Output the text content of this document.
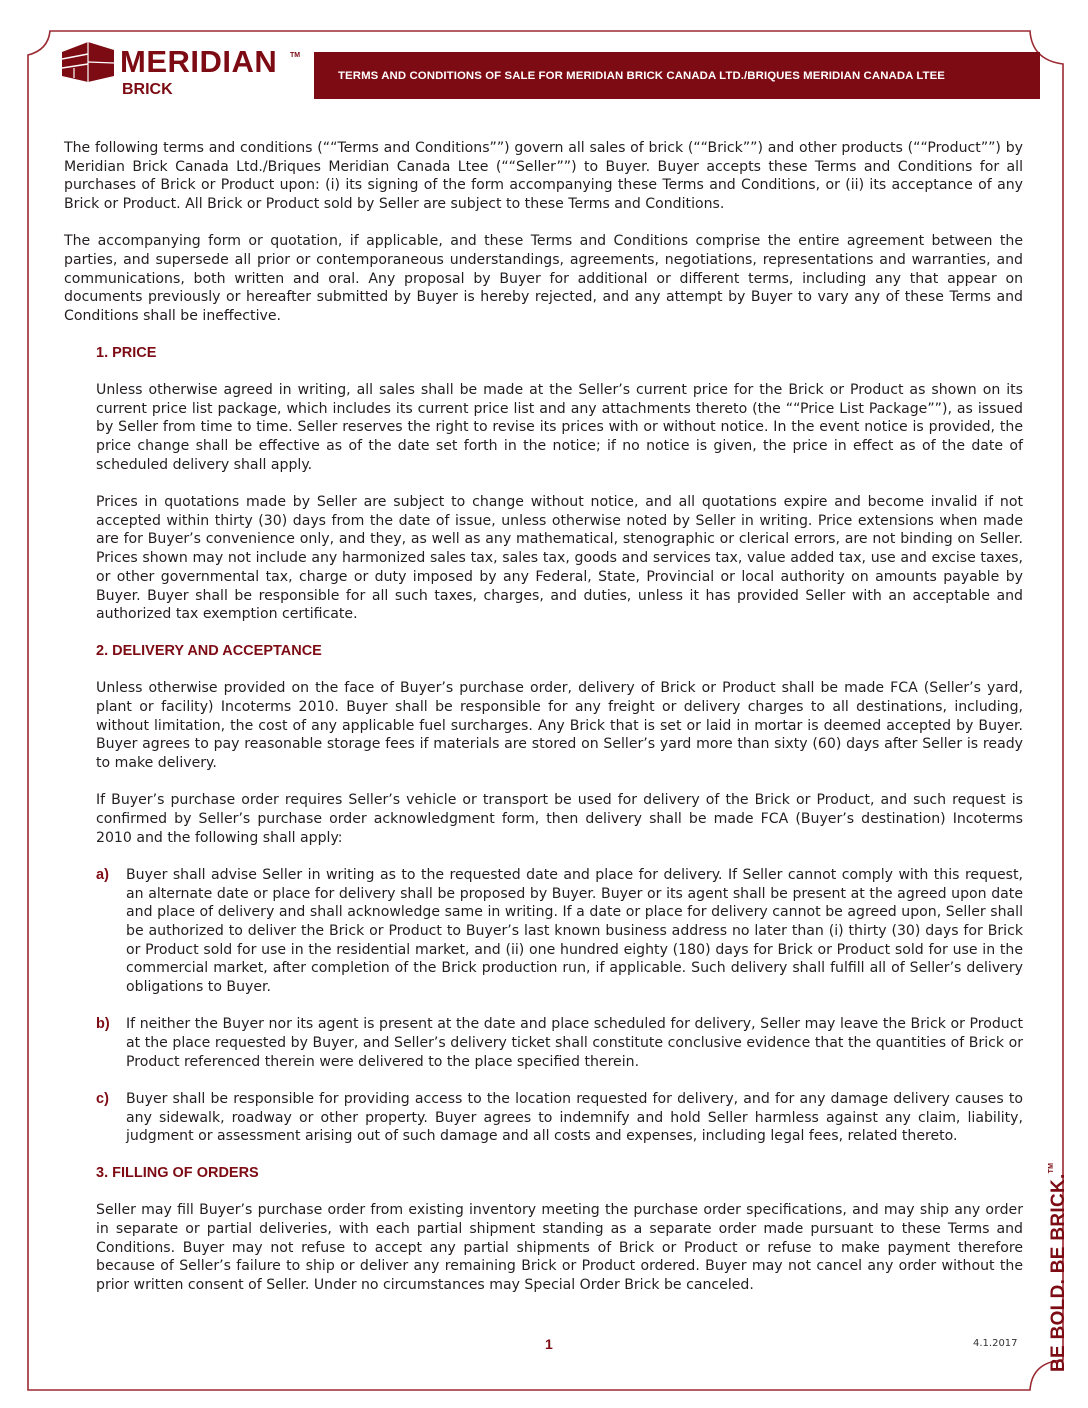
MERIDIAN TM
BRICK
TERMS AND CONDITIONS OF SALE FOR MERIDIAN BRICK CANADA LTD./BRIQUES MERIDIAN CANADA LTEE

The following terms and conditions (““Terms and Conditions””) govern all sales of brick (““Brick””) and other products (““Product””) by Meridian Brick Canada Ltd./Briques Meridian Canada Ltee (““Seller””) to Buyer. Buyer accepts these Terms and Conditions for all purchases of Brick or Product upon: (i) its signing of the form accompanying these Terms and Conditions, or (ii) its acceptance of any Brick or Product. All Brick or Product sold by Seller are subject to these Terms and Conditions.

The accompanying form or quotation, if applicable, and these Terms and Conditions comprise the entire agreement between the parties, and supersede all prior or contemporaneous understandings, agreements, negotiations, representations and warranties, and communications, both written and oral. Any proposal by Buyer for additional or different terms, including any that appear on documents previously or hereafter submitted by Buyer is hereby rejected, and any attempt by Buyer to vary any of these Terms and Conditions shall be ineffective.

1. PRICE

Unless otherwise agreed in writing, all sales shall be made at the Seller’s current price for the Brick or Product as shown on its current price list package, which includes its current price list and any attachments thereto (the ““Price List Package””), as issued by Seller from time to time. Seller reserves the right to revise its prices with or without notice. In the event notice is provided, the price change shall be effective as of the date set forth in the notice; if no notice is given, the price in effect as of the date of scheduled delivery shall apply.

Prices in quotations made by Seller are subject to change without notice, and all quotations expire and become invalid if not accepted within thirty (30) days from the date of issue, unless otherwise noted by Seller in writing. Price extensions when made are for Buyer’s convenience only, and they, as well as any mathematical, stenographic or clerical errors, are not binding on Seller. Prices shown may not include any harmonized sales tax, sales tax, goods and services tax, value added tax, use and excise taxes, or other governmental tax, charge or duty imposed by any Federal, State, Provincial or local authority on amounts payable by Buyer. Buyer shall be responsible for all such taxes, charges, and duties, unless it has provided Seller with an acceptable and authorized tax exemption certificate.

2. DELIVERY AND ACCEPTANCE

Unless otherwise provided on the face of Buyer’s purchase order, delivery of Brick or Product shall be made FCA (Seller’s yard, plant or facility) Incoterms 2010. Buyer shall be responsible for any freight or delivery charges to all destinations, including, without limitation, the cost of any applicable fuel surcharges. Any Brick that is set or laid in mortar is deemed accepted by Buyer. Buyer agrees to pay reasonable storage fees if materials are stored on Seller’s yard more than sixty (60) days after Seller is ready to make delivery.

If Buyer’s purchase order requires Seller’s vehicle or transport be used for delivery of the Brick or Product, and such request is confirmed by Seller’s purchase order acknowledgment form, then delivery shall be made FCA (Buyer’s destination) Incoterms 2010 and the following shall apply:

a)	Buyer shall advise Seller in writing as to the requested date and place for delivery. If Seller cannot comply with this request, an alternate date or place for delivery shall be proposed by Buyer. Buyer or its agent shall be present at the agreed upon date and place of delivery and shall acknowledge same in writing. If a date or place for delivery cannot be agreed upon, Seller shall be authorized to deliver the Brick or Product to Buyer’s last known business address no later than (i) thirty (30) days for Brick or Product sold for use in the residential market, and (ii) one hundred eighty (180) days for Brick or Product sold for use in the commercial market, after completion of the Brick production run, if applicable. Such delivery shall fulfill all of Seller’s delivery obligations to Buyer.

b)	If neither the Buyer nor its agent is present at the date and place scheduled for delivery, Seller may leave the Brick or Product at the place requested by Buyer, and Seller’s delivery ticket shall constitute conclusive evidence that the quantities of Brick or Product referenced therein were delivered to the place specified therein.

c)	Buyer shall be responsible for providing access to the location requested for delivery, and for any damage delivery causes to any sidewalk, roadway or other property. Buyer agrees to indemnify and hold Seller harmless against any claim, liability, judgment or assessment arising out of such damage and all costs and expenses, including legal fees, related thereto.

3. FILLING OF ORDERS

Seller may fill Buyer’s purchase order from existing inventory meeting the purchase order specifications, and may ship any order in separate or partial deliveries, with each partial shipment standing as a separate order made pursuant to these Terms and Conditions. Buyer may not refuse to accept any partial shipments of Brick or Product or refuse to make payment therefore because of Seller’s failure to ship or deliver any remaining Brick or Product ordered. Buyer may not cancel any order without the prior written consent of Seller. Under no circumstances may Special Order Brick be canceled.

1	4.1.2017 BE BOLD. BE BRICK.™
